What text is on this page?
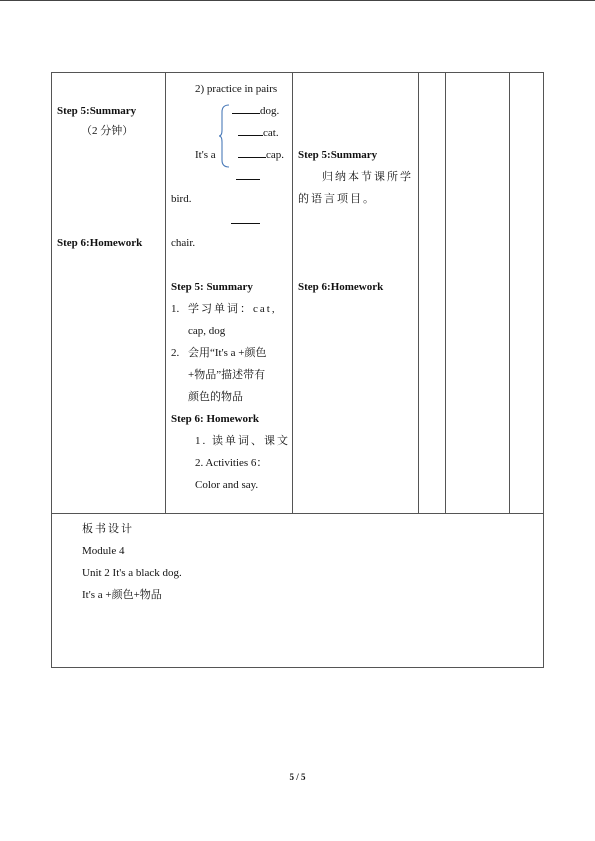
Step 5:Summary
（2 分钟）
Step 6:Homework
2) practice in pairs
dog.
cat.
It's a	cap.
bird.
chair.
Step 5: Summary
1. 学习单词：cat,
cap, dog
2. 会用“It's a +颜色
+物品”描述带有
颜色的物品
Step 6: Homework
1. 读单词、课文
2. Activities 6：
Color and say.
Step 5:Summary
归纳本节课所学
的语言项目。
Step 6:Homework
板书设计
Module 4
Unit 2 It's a black dog.
It's a +颜色+物品
5 / 5
